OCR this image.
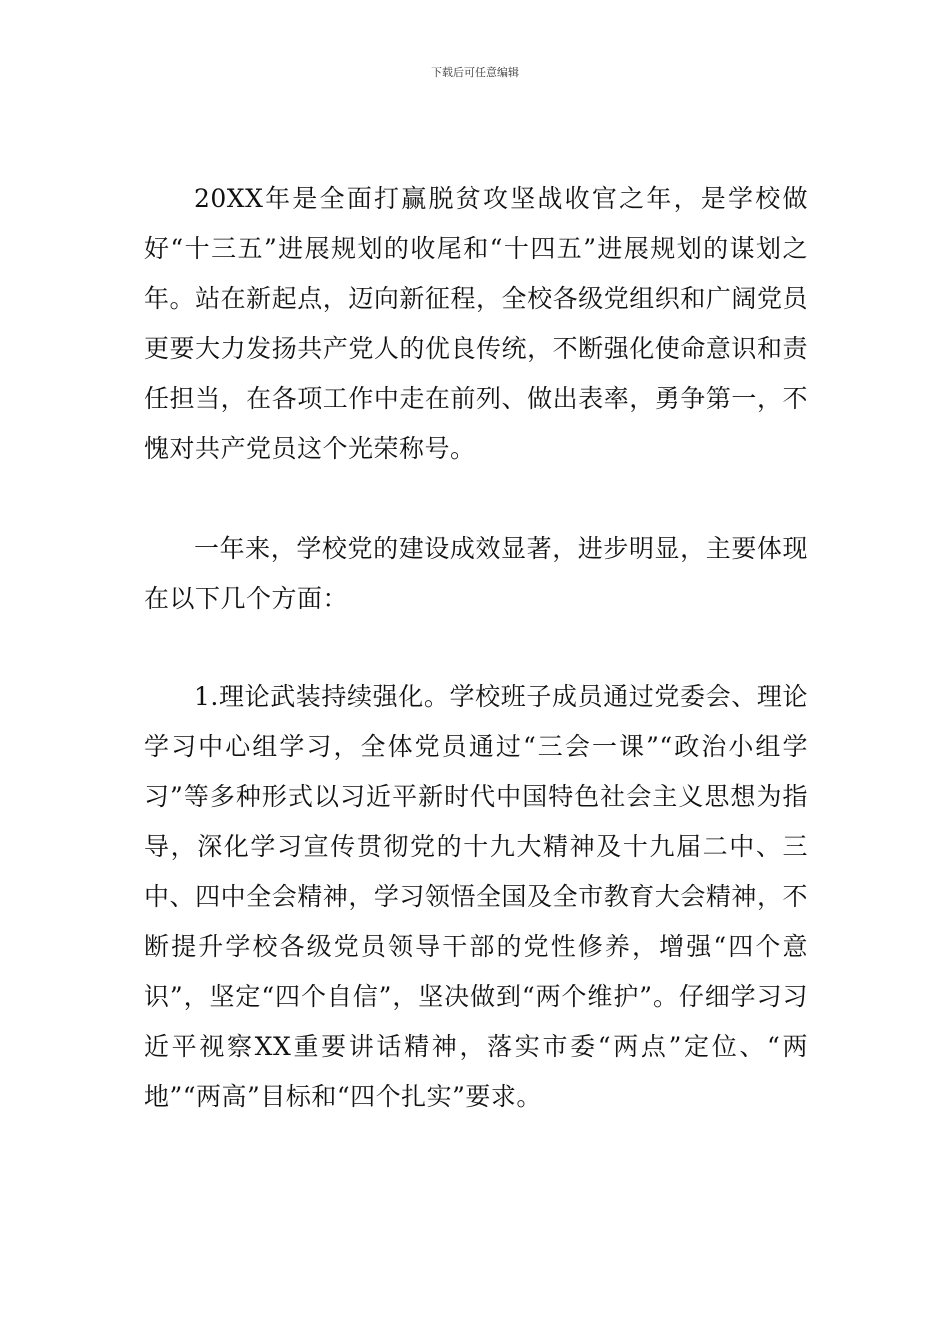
下载后可任意编辑

20XX年是全面打赢脱贫攻坚战收官之年，是学校做好“十三五”进展规划的收尾和“十四五”进展规划的谋划之年。站在新起点，迈向新征程，全校各级党组织和广阔党员更要大力发扬共产党人的优良传统，不断强化使命意识和责任担当，在各项工作中走在前列、做出表率，勇争第一，不愧对共产党员这个光荣称号。

一年来，学校党的建设成效显著，进步明显，主要体现在以下几个方面：

1.理论武装持续强化。学校班子成员通过党委会、理论学习中心组学习，全体党员通过“三会一课”“政治小组学习”等多种形式以习近平新时代中国特色社会主义思想为指导，深化学习宣传贯彻党的十九大精神及十九届二中、三中、四中全会精神，学习领悟全国及全市教育大会精神，不断提升学校各级党员领导干部的党性修养，增强“四个意识”，坚定“四个自信”，坚决做到“两个维护”。仔细学习习近平视察XX重要讲话精神，落实市委“两点”定位、“两地”“两高”目标和“四个扎实”要求。
